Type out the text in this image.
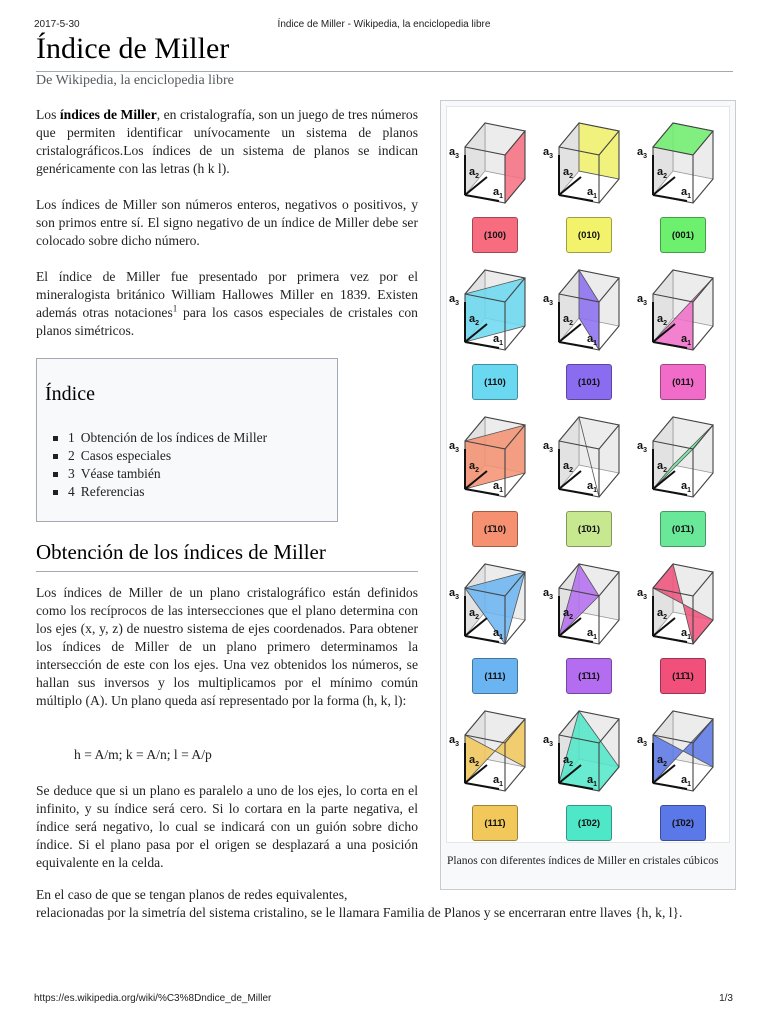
2017-5-30	Índice de Miller - Wikipedia, la enciclopedia libre
https://es.wikipedia.org/wiki/%C3%8Dndice_de_Miller	1/3
Índice de Miller
De Wikipedia, la enciclopedia libre

Los índices de Miller, en cristalografía, son un juego de tres números que permiten identificar unívocamente un sistema de planos cristalográficos.Los índices de un sistema de planos se indican genéricamente con las letras (h k l).

Los índices de Miller son números enteros, negativos o positivos, y son primos entre sí. El signo negativo de un índice de Miller debe ser colocado sobre dicho número.

El índice de Miller fue presentado por primera vez por el mineralogista británico William Hallowes Miller en 1839. Existen además otras notaciones$^1$ para los casos especiales de cristales con planos simétricos.

Índice
1 Obtención de los índices de Miller
2 Casos especiales
3 Véase también
4 Referencias
Obtención de los índices de Miller

Los índices de Miller de un plano cristalográfico están definidos como los recíprocos de las intersecciones que el plano determina con los ejes (x, y, z) de nuestro sistema de ejes coordenados. Para obtener los índices de Miller de un plano primero determinamos la intersección de este con los ejes. Una vez obtenidos los números, se hallan sus inversos y los multiplicamos por el mínimo común múltiplo (A). Un plano queda así representado por la forma (h, k, l):

h = A/m; k = A/n; l = A/p

Se deduce que si un plano es paralelo a uno de los ejes, lo corta en el infinito, y su índice será cero. Si lo cortara en la parte negativa, el índice será negativo, lo cual se indicará con un guión sobre dicho índice. Si el plano pasa por el origen se desplazará a una posición equivalente en la celda.

En el caso de que se tengan planos de redes equivalentes,
relacionadas por la simetría del sistema cristalino, se le llamara Familia de Planos y se encerraran entre llaves {h, k, l}.

$a_3$
$a_2$
$a_1$
(100)
$a_3$
$a_2$
$a_1$
(010)
$a_3$
$a_2$
$a_1$
(001)
$a_3$
$a_2$
$a_1$
(110)
$a_3$
$a_2$
$a_1$
(101)
$a_3$
$a_2$
$a_1$
(011)
$a_3$
$a_2$
$a_1$
(1̄10)
$a_3$
$a_2$
$a_1$
(1̄01)
$a_3$
$a_2$
$a_1$
(01̄1)
$a_3$
$a_2$
$a_1$
(111)
$a_3$
$a_2$
$a_1$
(1̄11)
$a_3$
$a_2$
$a_1$
(11̄1)
$a_3$
$a_2$
$a_1$
(111̄)
$a_3$
$a_2$
$a_1$
(1̄02)
$a_3$
$a_2$
$a_1$
(1̄02)
Planos con diferentes índices de Miller en cristales cúbicos
